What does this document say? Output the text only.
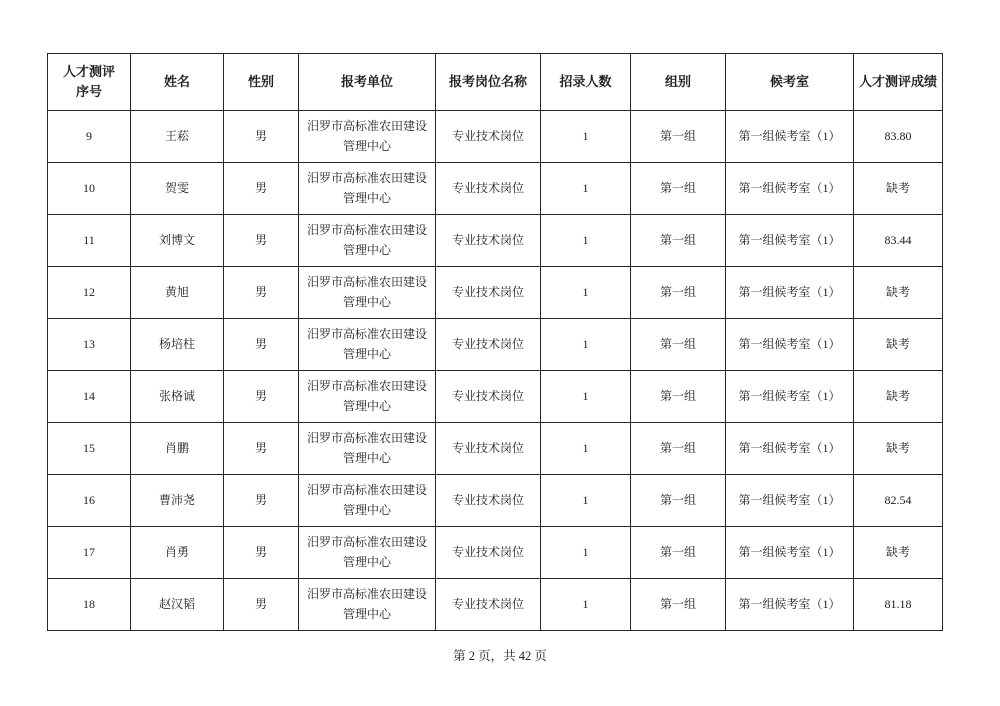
人才测评序号	姓名	性别	报考单位	报考岗位名称	招录人数	组别	候考室	人才测评成绩
9	王菘	男	汨罗市高标准农田建设管理中心	专业技术岗位	1	第一组	第一组候考室（1）	83.80
10	贺雯	男	汨罗市高标准农田建设管理中心	专业技术岗位	1	第一组	第一组候考室（1）	缺考
11	刘博文	男	汨罗市高标准农田建设管理中心	专业技术岗位	1	第一组	第一组候考室（1）	83.44
12	黄旭	男	汨罗市高标准农田建设管理中心	专业技术岗位	1	第一组	第一组候考室（1）	缺考
13	杨培柱	男	汨罗市高标准农田建设管理中心	专业技术岗位	1	第一组	第一组候考室（1）	缺考
14	张格诚	男	汨罗市高标准农田建设管理中心	专业技术岗位	1	第一组	第一组候考室（1）	缺考
15	肖鹏	男	汨罗市高标准农田建设管理中心	专业技术岗位	1	第一组	第一组候考室（1）	缺考
16	曹沛尧	男	汨罗市高标准农田建设管理中心	专业技术岗位	1	第一组	第一组候考室（1）	82.54
17	肖勇	男	汨罗市高标准农田建设管理中心	专业技术岗位	1	第一组	第一组候考室（1）	缺考
18	赵汉韬	男	汨罗市高标准农田建设管理中心	专业技术岗位	1	第一组	第一组候考室（1）	81.18
第 2 页，共 42 页
